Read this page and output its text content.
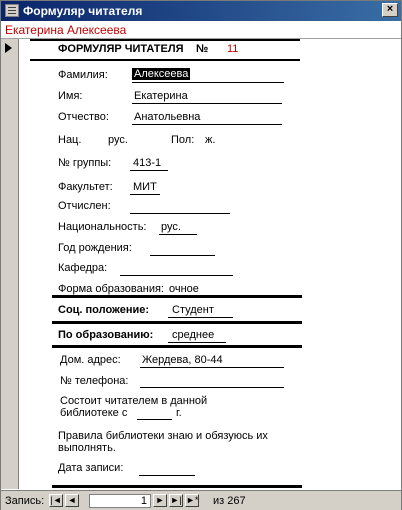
Формуляр читателя	×
Екатерина Алексеева
ФОРМУЛЯР ЧИТАТЕЛЯ № 11
Фамилия: Алексеева
Имя:	Екатерина
Отчество: Анатольевна
Нац. рус.	Пол: ж.
№ группы: 413-1
Факультет: МИТ
Отчислен:
Национальность: рус.
Год рождения:
Кафедра:
Форма образования: очное
Соц. положение: Студент
По образованию: среднее
Дом. адрес: Жердева, 80-44
№ телефона:
Состоит читателем в данной
библиотеке с	г.
Правила библиотеки знаю и обязуюсь их
выполнять.
Дата записи:
Запись: |◄ ◄	1 ► ►| ►* из 267
